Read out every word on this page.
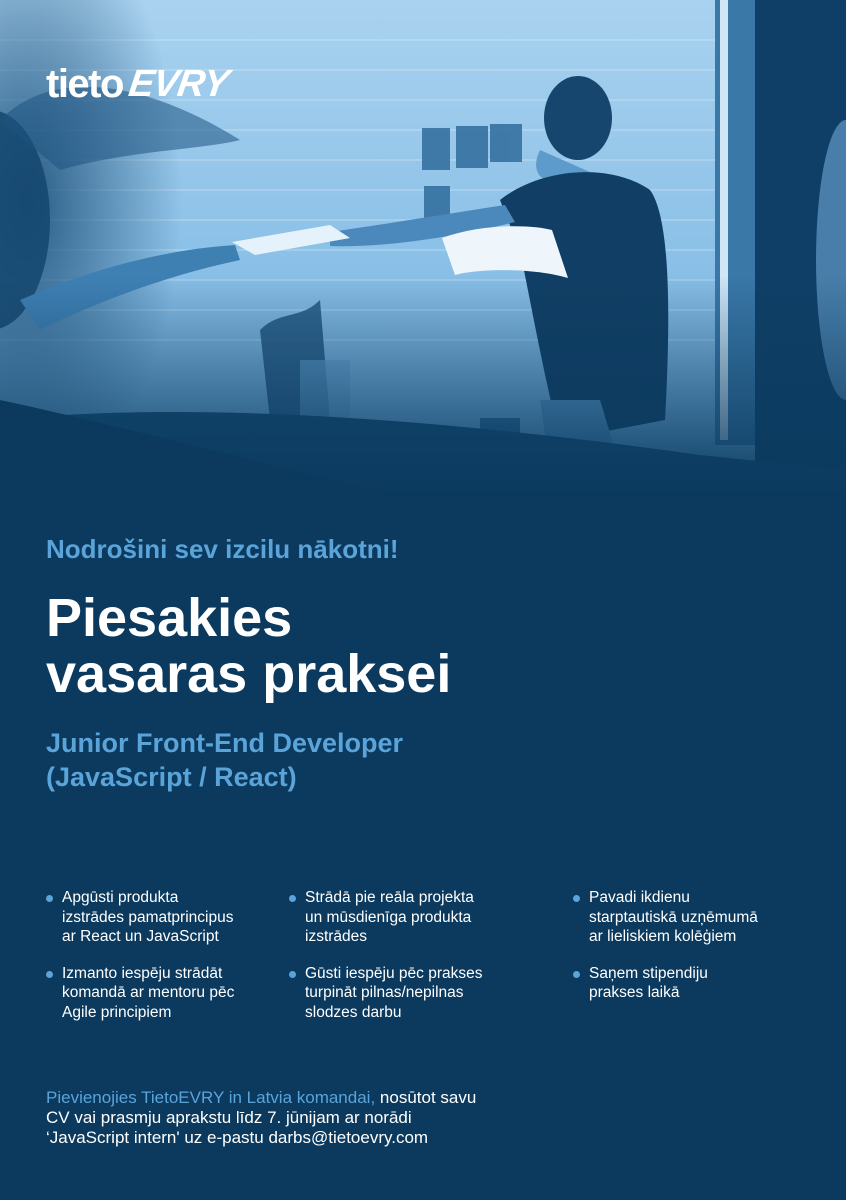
tieto EVRY
Nodrošini sev izcilu nākotni!
Piesakies
vasaras praksei
Junior Front-End Developer
(JavaScript / React)
Apgūsti produkta
izstrādes pamatprincipus
ar React un JavaScript
Strādā pie reāla projekta
un mūsdienīga produkta
izstrādes
Pavadi ikdienu
starptautiskā uzņēmumā
ar lieliskiem kolēģiem
Izmanto iespēju strādāt
komandā ar mentoru pēc
Agile principiem
Gūsti iespēju pēc prakses
turpināt pilnas/nepilnas
slodzes darbu
Saņem stipendiju
prakses laikā
Pievienojies TietoEVRY in Latvia komandai, nosūtot savu
CV vai prasmju aprakstu līdz 7. jūnijam ar norādi
‘JavaScript intern' uz e-pastu darbs@tietoevry.com
